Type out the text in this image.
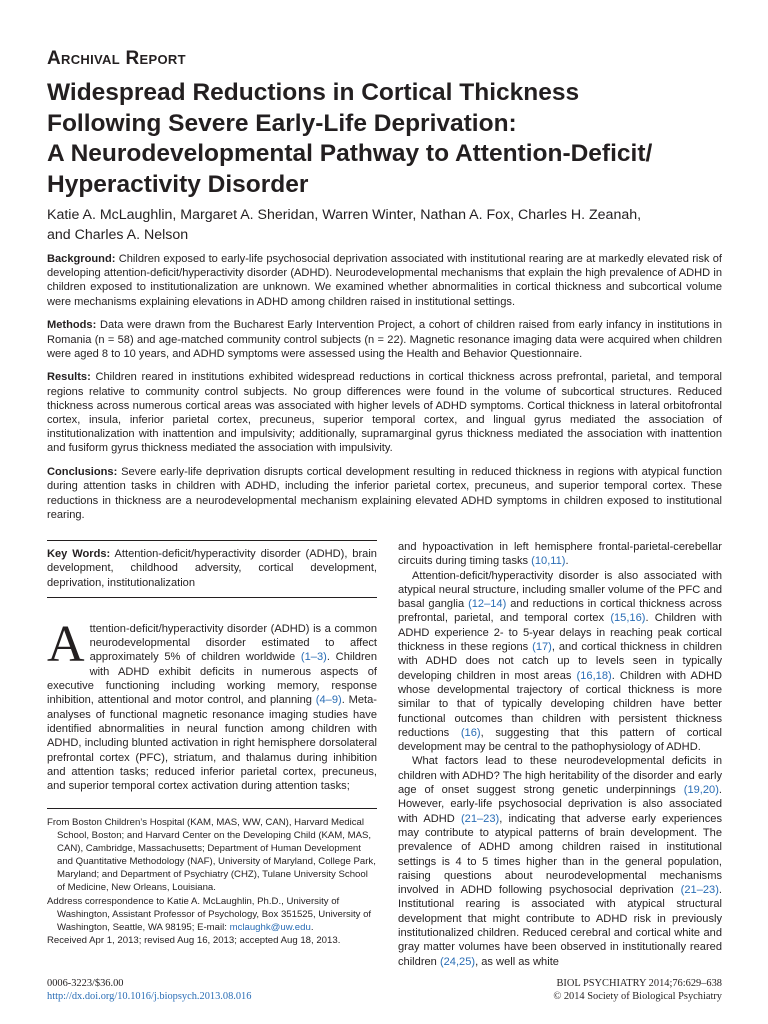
Archival Report
Widespread Reductions in Cortical Thickness
Following Severe Early-Life Deprivation:
A Neurodevelopmental Pathway to Attention-Deficit/
Hyperactivity Disorder
Katie A. McLaughlin, Margaret A. Sheridan, Warren Winter, Nathan A. Fox, Charles H. Zeanah,
and Charles A. Nelson

Background: Children exposed to early-life psychosocial deprivation associated with institutional rearing are at markedly elevated risk of developing attention-deficit/hyperactivity disorder (ADHD). Neurodevelopmental mechanisms that explain the high prevalence of ADHD in children exposed to institutionalization are unknown. We examined whether abnormalities in cortical thickness and subcortical volume were mechanisms explaining elevations in ADHD among children raised in institutional settings.

Methods: Data were drawn from the Bucharest Early Intervention Project, a cohort of children raised from early infancy in institutions in Romania (n = 58) and age-matched community control subjects (n = 22). Magnetic resonance imaging data were acquired when children were aged 8 to 10 years, and ADHD symptoms were assessed using the Health and Behavior Questionnaire.

Results: Children reared in institutions exhibited widespread reductions in cortical thickness across prefrontal, parietal, and temporal regions relative to community control subjects. No group differences were found in the volume of subcortical structures. Reduced thickness across numerous cortical areas was associated with higher levels of ADHD symptoms. Cortical thickness in lateral orbitofrontal cortex, insula, inferior parietal cortex, precuneus, superior temporal cortex, and lingual gyrus mediated the association of institutionalization with inattention and impulsivity; additionally, supramarginal gyrus thickness mediated the association with inattention and fusiform gyrus thickness mediated the association with impulsivity.

Conclusions: Severe early-life deprivation disrupts cortical development resulting in reduced thickness in regions with atypical function during attention tasks in children with ADHD, including the inferior parietal cortex, precuneus, and superior temporal cortex. These reductions in thickness are a neurodevelopmental mechanism explaining elevated ADHD symptoms in children exposed to institutional rearing.

Key Words: Attention-deficit/hyperactivity disorder (ADHD), brain development, childhood adversity, cortical development, deprivation, institutionalization
Attention-deficit/hyperactivity disorder (ADHD) is a common neurodevelopmental disorder estimated to affect approximately 5% of children worldwide (1–3). Children with ADHD exhibit deficits in numerous aspects of executive functioning including working memory, response inhibition, attentional and motor control, and planning (4–9). Meta-analyses of functional magnetic resonance imaging studies have identified abnormalities in neural function among children with ADHD, including blunted activation in right hemisphere dorsolateral prefrontal cortex (PFC), striatum, and thalamus during inhibition and attention tasks; reduced inferior parietal cortex, precuneus, and superior temporal cortex activation during attention tasks;

From Boston Children’s Hospital (KAM, MAS, WW, CAN), Harvard Medical School, Boston; and Harvard Center on the Developing Child (KAM, MAS, CAN), Cambridge, Massachusetts; Department of Human Development and Quantitative Methodology (NAF), University of Maryland, College Park, Maryland; and Department of Psychiatry (CHZ), Tulane University School of Medicine, New Orleans, Louisiana.

Address correspondence to Katie A. McLaughlin, Ph.D., University of Washington, Assistant Professor of Psychology, Box 351525, University of Washington, Seattle, WA 98195; E-mail: mclaughk@uw.edu.

Received Apr 1, 2013; revised Aug 16, 2013; accepted Aug 18, 2013.

and hypoactivation in left hemisphere frontal-parietal-cerebellar circuits during timing tasks (10,11).

Attention-deficit/hyperactivity disorder is also associated with atypical neural structure, including smaller volume of the PFC and basal ganglia (12–14) and reductions in cortical thickness across prefrontal, parietal, and temporal cortex (15,16). Children with ADHD experience 2- to 5-year delays in reaching peak cortical thickness in these regions (17), and cortical thickness in children with ADHD does not catch up to levels seen in typically developing children in most areas (16,18). Children with ADHD whose developmental trajectory of cortical thickness is more similar to that of typically developing children have better functional outcomes than children with persistent thickness reductions (16), suggesting that this pattern of cortical development may be central to the pathophysiology of ADHD.

What factors lead to these neurodevelopmental deficits in children with ADHD? The high heritability of the disorder and early age of onset suggest strong genetic underpinnings (19,20). However, early-life psychosocial deprivation is also associated with ADHD (21–23), indicating that adverse early experiences may contribute to atypical patterns of brain development. The prevalence of ADHD among children raised in institutional settings is 4 to 5 times higher than in the general population, raising questions about neurodevelopmental mechanisms involved in ADHD following psychosocial deprivation (21–23). Institutional rearing is associated with atypical structural development that might contribute to ADHD risk in previously institutionalized children. Reduced cerebral and cortical white and gray matter volumes have been observed in institutionally reared children (24,25), as well as white

0006-3223/$36.00
http://dx.doi.org/10.1016/j.biopsych.2013.08.016
BIOL PSYCHIATRY 2014;76:629–638
© 2014 Society of Biological Psychiatry
